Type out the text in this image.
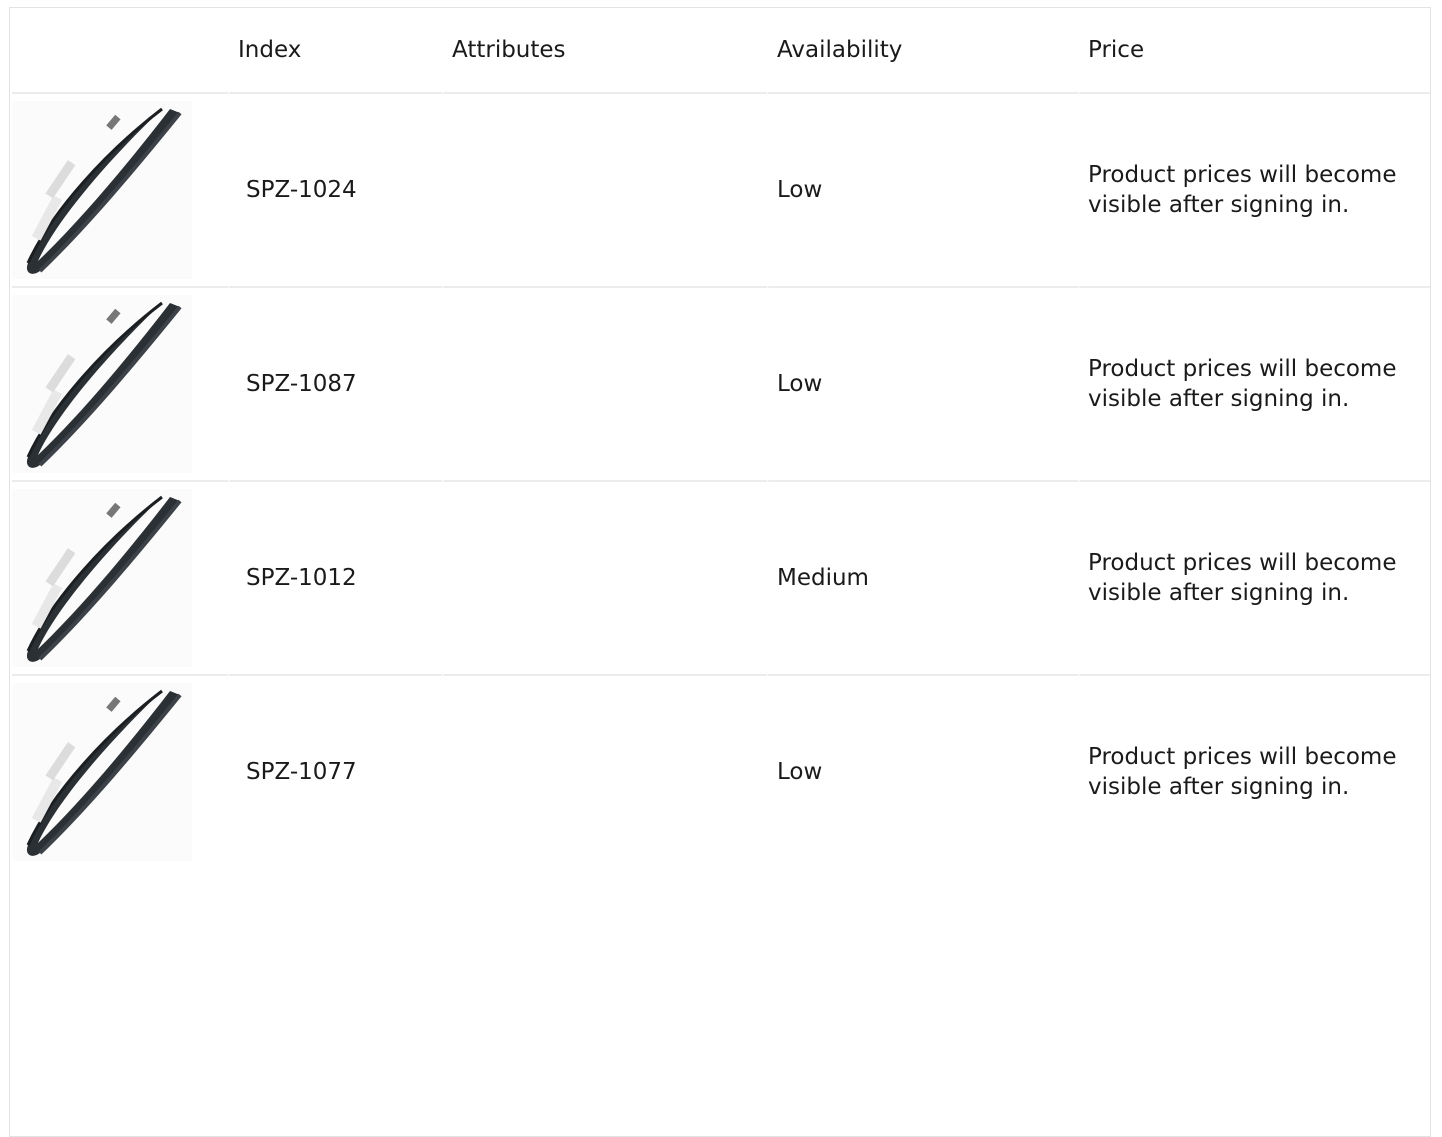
	Index	Attributes	Availability	Price

	SPZ-1024		Low	Product prices will become visible after signing in.

	SPZ-1087		Low	Product prices will become visible after signing in.

	SPZ-1012		Medium	Product prices will become visible after signing in.

	SPZ-1077		Low	Product prices will become visible after signing in.
